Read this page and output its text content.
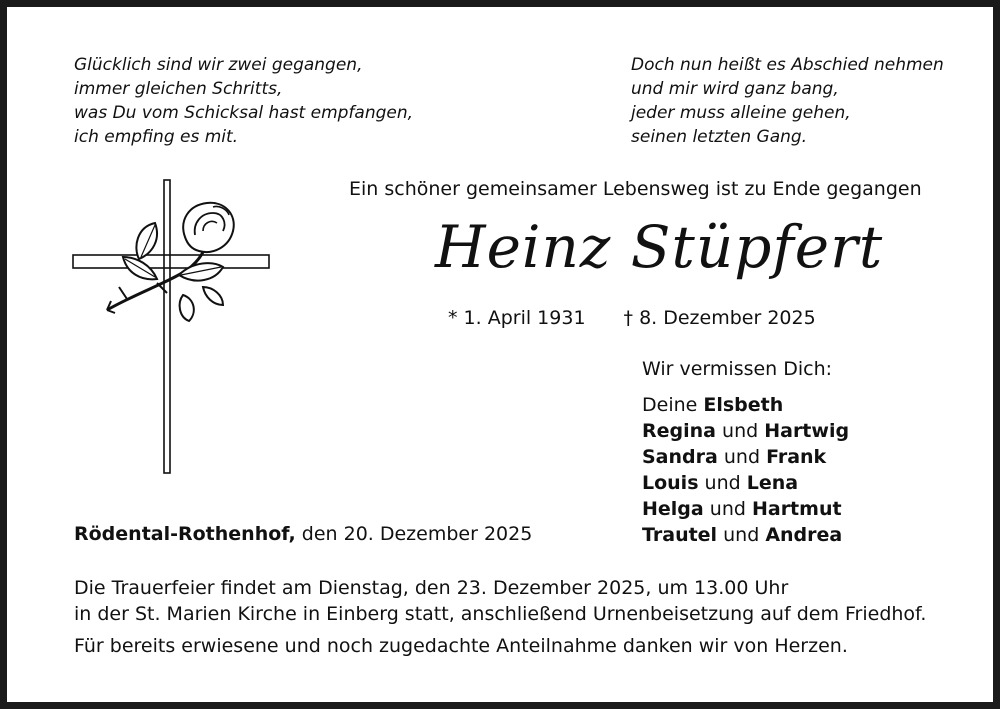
Glücklich sind wir zwei gegangen,
immer gleichen Schritts,
was Du vom Schicksal hast empfangen,
ich empfing es mit.
Doch nun heißt es Abschied nehmen
und mir wird ganz bang,
jeder muss alleine gehen,
seinen letzten Gang.
Ein schöner gemeinsamer Lebensweg ist zu Ende gegangen
Heinz Stüpfert
* 1. April 1931 † 8. Dezember 2025
Wir vermissen Dich:
Deine Elsbeth
Regina und Hartwig
Sandra und Frank
Louis und Lena
Helga und Hartmut
Trautel und Andrea
Rödental-Rothenhof, den 20. Dezember 2025
Die Trauerfeier findet am Dienstag, den 23. Dezember 2025, um 13.00 Uhr
in der St. Marien Kirche in Einberg statt, anschließend Urnenbeisetzung auf dem Friedhof.
Für bereits erwiesene und noch zugedachte Anteilnahme danken wir von Herzen.
